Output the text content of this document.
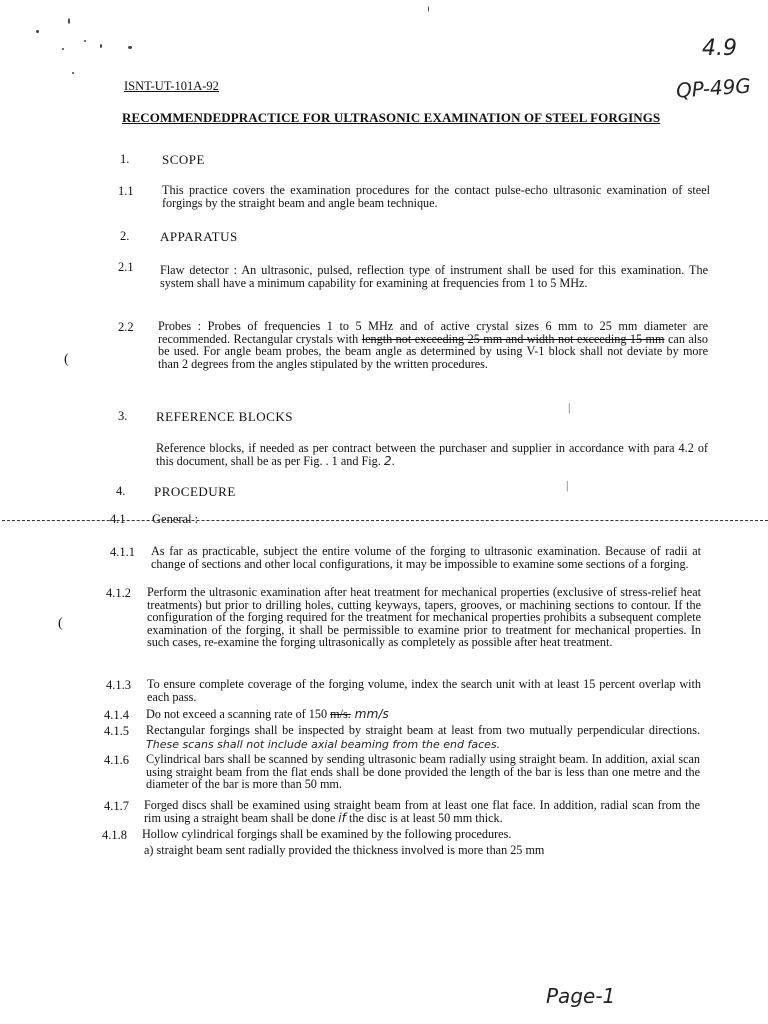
4.9
QP-49G
ISNT-UT-101A-92
RECOMMENDEDPRACTICE FOR ULTRASONIC EXAMINATION OF STEEL FORGINGS
1.	SCOPE
1.1 This practice covers the examination procedures for the contact pulse-echo ultrasonic examination of steel forgings by the straight beam and angle beam technique.
2. APPARATUS
2.1 Flaw detector : An ultrasonic, pulsed, reflection type of instrument shall be used for this examination. The system shall have a minimum capability for examining at frequencies from 1 to 5 MHz.
2.2 Probes : Probes of frequencies 1 to 5 MHz and of active crystal sizes 6 mm to 25 mm diameter are recommended. Rectangular crystals with length not exceeding 25 mm and width not exceeding 15 mm can also be used. For angle beam probes, the beam angle as determined by using V-1 block shall not deviate by more than 2 degrees from the angles stipulated by the written procedures.
(
3. REFERENCE BLOCKS
|
Reference blocks, if needed as per contract between the purchaser and supplier in accordance with para 4.2 of this document, shall be as per Fig. . 1 and Fig. 2.
4. PROCEDURE	|
4.1 General :
4.1.1 As far as practicable, subject the entire volume of the forging to ultrasonic examination. Because of radii at change of sections and other local configurations, it may be impossible to examine some sections of a forging.
4.1.2 Perform the ultrasonic examination after heat treatment for mechanical properties (exclusive of stress-relief heat treatments) but prior to drilling holes, cutting keyways, tapers, grooves, or machining sections to contour. If the configuration of the forging required for the treatment for mechanical properties prohibits a subsequent complete examination of the forging, it shall be permissible to examine prior to treatment for mechanical properties. In such cases, re-examine the forging ultrasonically as completely as possible after heat treatment.
(
4.1.3 To ensure complete coverage of the forging volume, index the search unit with at least 15 percent overlap with each pass.
4.1.4 Do not exceed a scanning rate of 150 m/s. mm/s
4.1.5 Rectangular forgings shall be inspected by straight beam at least from two mutually perpendicular directions. These scans shall not include axial beaming from the end faces.
4.1.6 Cylindrical bars shall be scanned by sending ultrasonic beam radially using straight beam. In addition, axial scan using straight beam from the flat ends shall be done provided the length of the bar is less than one metre and the diameter of the bar is more than 50 mm.
4.1.7 Forged discs shall be examined using straight beam from at least one flat face. In addition, radial scan from the rim using a straight beam shall be done if the disc is at least 50 mm thick.
4.1.8 Hollow cylindrical forgings shall be examined by the following procedures.
a) straight beam sent radially provided the thickness involved is more than 25 mm
Page-1
